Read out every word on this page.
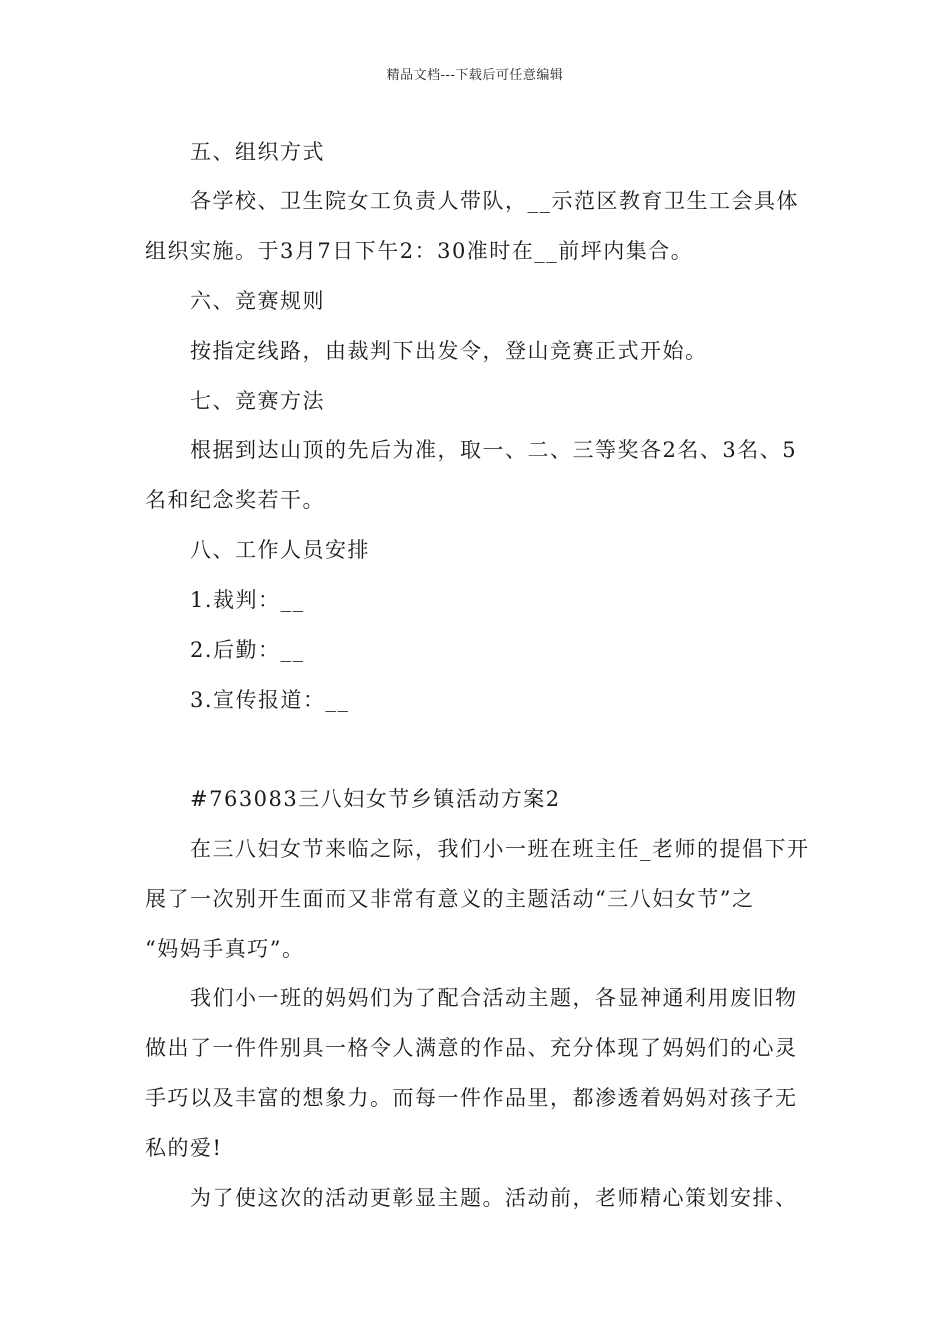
精品文档---下载后可任意编辑
五、组织方式
各学校、卫生院女工负责人带队，__示范区教育卫生工会具体
组织实施。于3月7日下午2：30准时在__前坪内集合。
六、竞赛规则
按指定线路，由裁判下出发令，登山竞赛正式开始。
七、竞赛方法
根据到达山顶的先后为准，取一、二、三等奖各2名、3名、5
名和纪念奖若干。
八、工作人员安排
1.裁判：__
2.后勤：__
3.宣传报道：__
#763083三八妇女节乡镇活动方案2
在三八妇女节来临之际，我们小一班在班主任_老师的提倡下开
展了一次别开生面而又非常有意义的主题活动“三八妇女节”之
“妈妈手真巧”。
我们小一班的妈妈们为了配合活动主题，各显神通利用废旧物
做出了一件件别具一格令人满意的作品、充分体现了妈妈们的心灵
手巧以及丰富的想象力。而每一件作品里，都渗透着妈妈对孩子无
私的爱!
为了使这次的活动更彰显主题。活动前，老师精心策划安排、
